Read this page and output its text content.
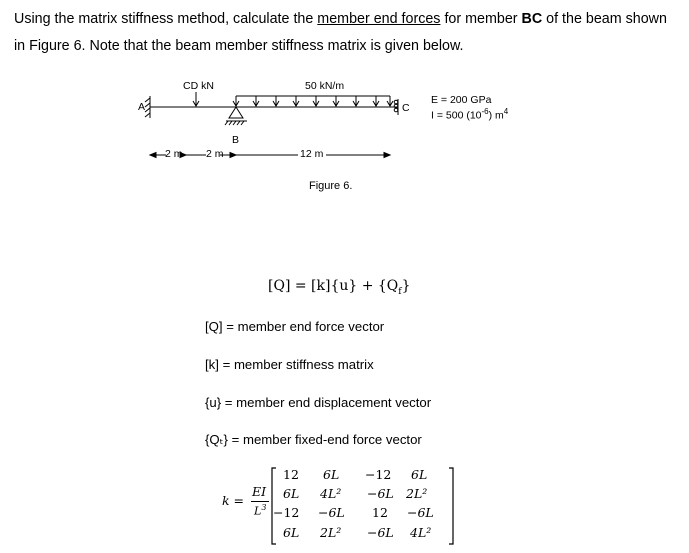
Using the matrix stiffness method, calculate the member end forces for member BC of the beam shown
in Figure 6. Note that the beam member stiffness matrix is given below.
CD kN	50 kN/m
A
B
C
2 m 2 m	12 m
E = 200 GPa
I = 500 $(10^{-6})$ $m^4$
Figure 6.
$[Q] = [k]\{u\} + \{Q_f\}$
[Q] = member end force vector
[k] = member stiffness matrix
{u} = member end displacement vector
{Qₜ} = member fixed-end force vector
k =
EI
$L^3$
12 6L −12 6L
6L 4L² −6L 2L²
−12 −6L 12 −6L
6L 2L² −6L 4L²
